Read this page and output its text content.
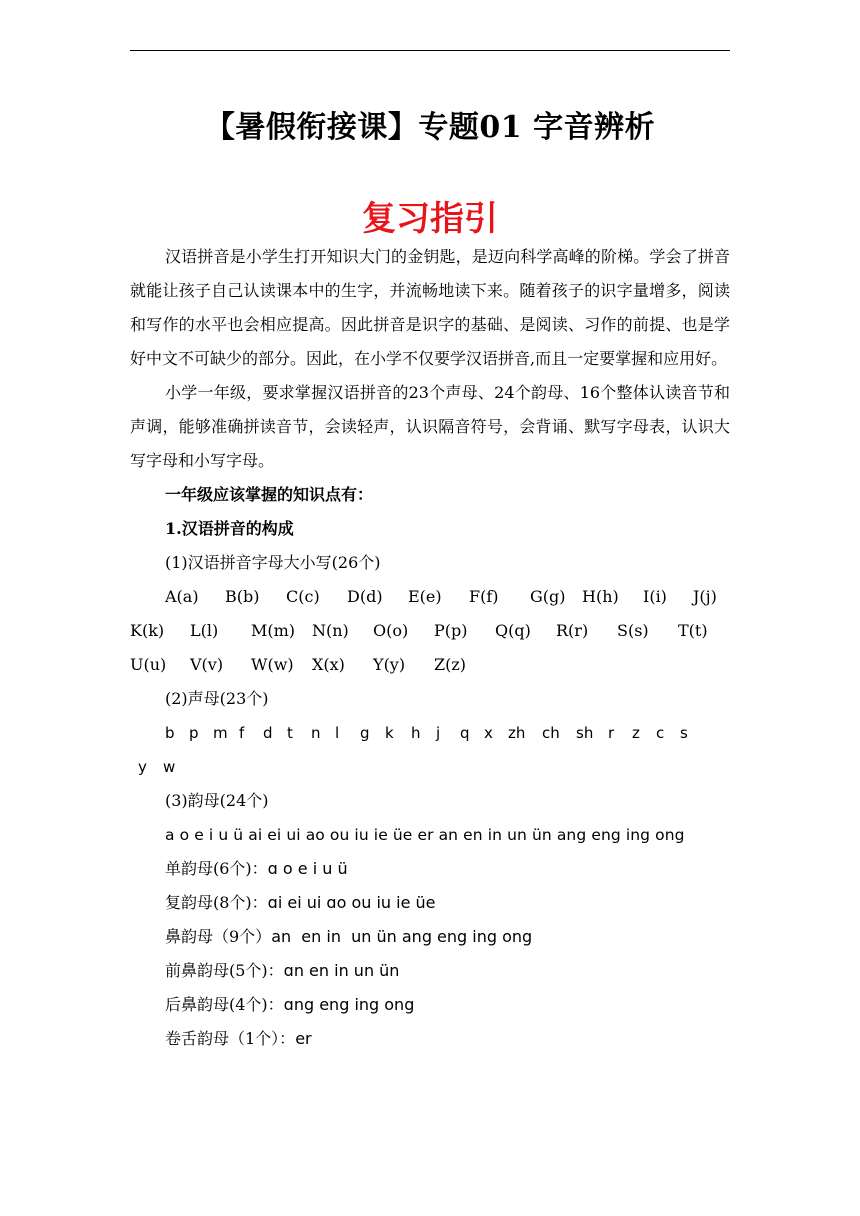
【暑假衔接课】专题01 字音辨析
复习指引

汉语拼音是小学生打开知识大门的金钥匙，是迈向科学高峰的阶梯。学会了拼音就能让孩子自己认读课本中的生字，并流畅地读下来。随着孩子的识字量增多，阅读和写作的水平也会相应提高。因此拼音是识字的基础、是阅读、习作的前提、也是学好中文不可缺少的部分。因此，在小学不仅要学汉语拼音,而且一定要掌握和应用好。

小学一年级，要求掌握汉语拼音的23个声母、24个韵母、16个整体认读音节和声调，能够准确拼读音节，会读轻声，认识隔音符号，会背诵、默写字母表，认识大写字母和小写字母。

一年级应该掌握的知识点有：

1.汉语拼音的构成

(1)汉语拼音字母大小写(26个)

A(a)	B(b)	C(c)	D(d)	E(e)	F(f)	G(g)	H(h)	I(i)	J(j)
K(k)	L(l)	M(m)	N(n)	O(o)	P(p)	Q(q)	R(r)	S(s)	T(t)
U(u)	V(v)	W(w)	X(x)	Y(y)	Z(z)

(2)声母(23个)

b p m f	d t	n l	g	k	h	j	q x	zh	ch	sh r	z	c	s
y	w

(3)韵母(24个)

a o e i u ü ai ei ui ao ou iu ie üe er an en in un ün ang eng ing ong

单韵母(6个)：ɑ o e i u ü

复韵母(8个)：ɑi ei ui ɑo ou iu ie üe

鼻韵母（9个）an  en in  un ün ang eng ing ong

前鼻韵母(5个)：ɑn en in un ün

后鼻韵母(4个)：ɑng eng ing ong

卷舌韵母（1个）：er
